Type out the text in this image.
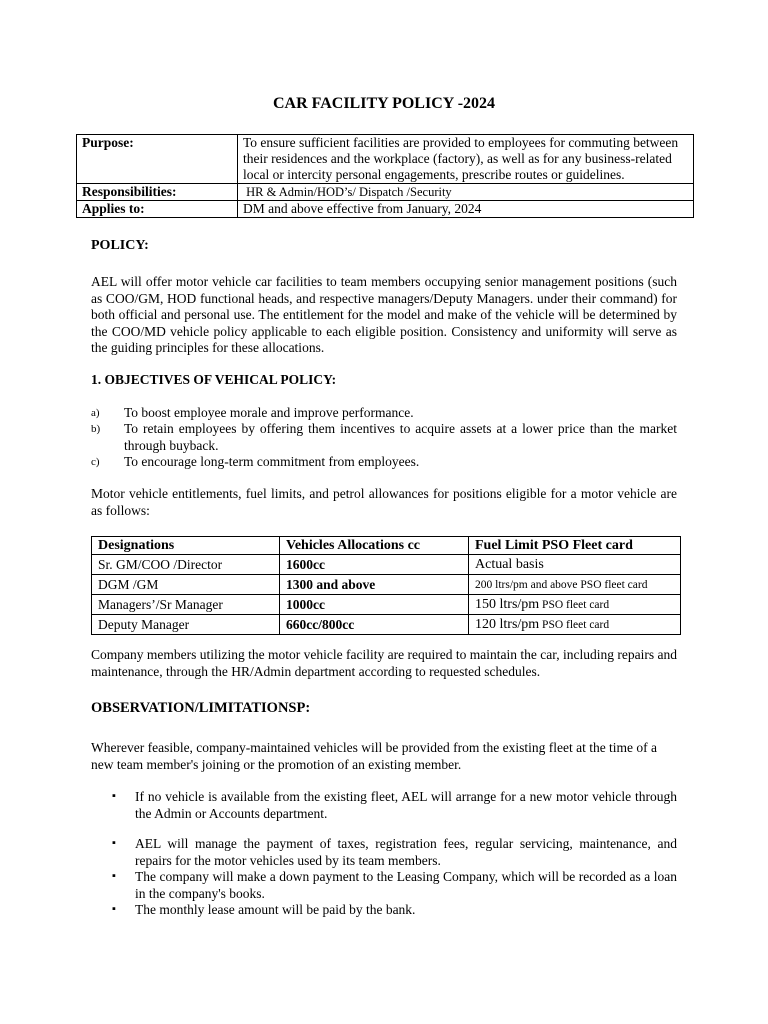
CAR FACILITY POLICY -2024
Purpose:	To ensure sufficient facilities are provided to employees for commuting between their residences and the workplace (factory), as well as for any business-related local or intercity personal engagements, prescribe routes or guidelines.
Responsibilities:	HR & Admin/HOD’s/ Dispatch /Security
Applies to:	DM and above effective from January, 2024
POLICY:
AEL will offer motor vehicle car facilities to team members occupying senior management positions (such as COO/GM, HOD functional heads, and respective managers/Deputy Managers. under their command) for both official and personal use. The entitlement for the model and make of the vehicle will be determined by the COO/MD vehicle policy applicable to each eligible position. Consistency and uniformity will serve as the guiding principles for these allocations.
1. OBJECTIVES OF VEHICAL POLICY:
a) To boost employee morale and improve performance.
b) To retain employees by offering them incentives to acquire assets at a lower price than the market through buyback.
c) To encourage long-term commitment from employees.
Motor vehicle entitlements, fuel limits, and petrol allowances for positions eligible for a motor vehicle are as follows:
Designations	Vehicles Allocations cc	Fuel Limit PSO Fleet card
Sr. GM/COO /Director	1600cc	Actual basis
DGM /GM	1300 and above	200 ltrs/pm and above PSO fleet card
Managers’/Sr Manager	1000cc	150 ltrs/pm PSO fleet card
Deputy Manager	660cc/800cc	120 ltrs/pm PSO fleet card
Company members utilizing the motor vehicle facility are required to maintain the car, including repairs and maintenance, through the HR/Admin department according to requested schedules.
OBSERVATION/LIMITATIONSP:
Wherever feasible, company-maintained vehicles will be provided from the existing fleet at the time of a new team member's joining or the promotion of an existing member.
▪ If no vehicle is available from the existing fleet, AEL will arrange for a new motor vehicle through the Admin or Accounts department.
▪ AEL will manage the payment of taxes, registration fees, regular servicing, maintenance, and repairs for the motor vehicles used by its team members.
▪ The company will make a down payment to the Leasing Company, which will be recorded as a loan in the company's books.
▪ The monthly lease amount will be paid by the bank.
